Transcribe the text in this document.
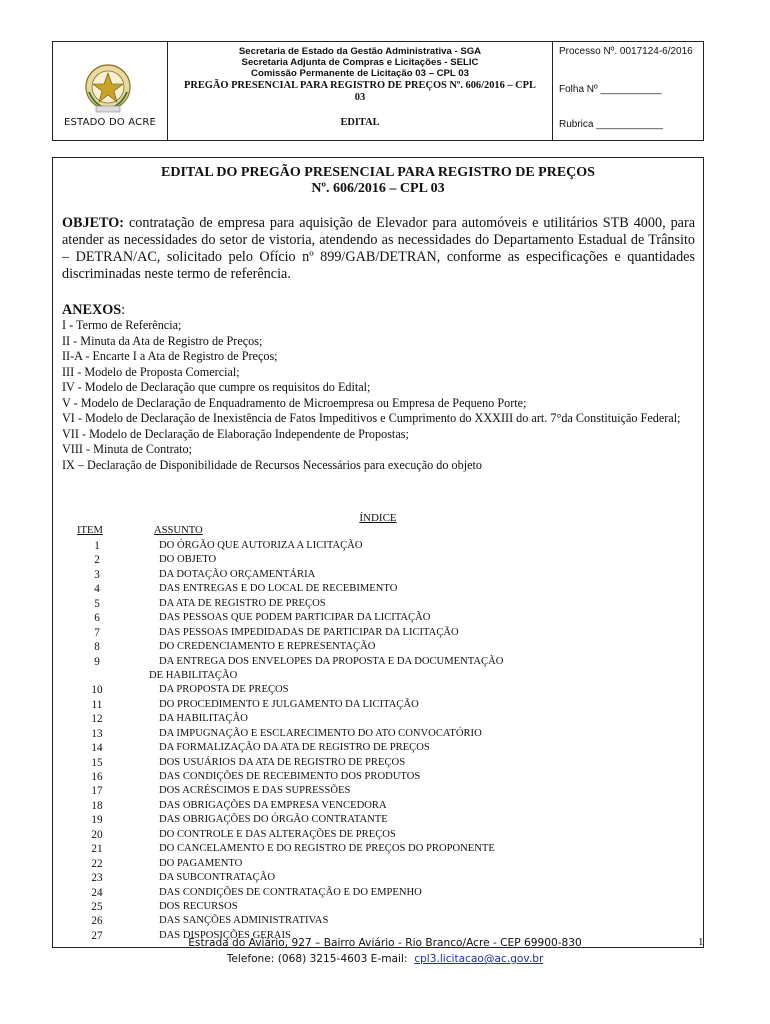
ESTADO DO ACRE
Secretaria de Estado da Gestão Administrativa - SGA
Secretaria Adjunta de Compras e Licitações - SELIC
Comissão Permanente de Licitação 03 – CPL 03
PREGÃO PRESENCIAL PARA REGISTRO DE PREÇOS Nº. 606/2016 – CPL 03
EDITAL
Processo Nº. 0017124-6/2016
Folha Nº ___________
Rubrica ____________
EDITAL DO PREGÃO PRESENCIAL PARA REGISTRO DE PREÇOS
Nº. 606/2016 – CPL 03
OBJETO: contratação de empresa para aquisição de Elevador para automóveis e utilitários STB 4000, para atender as necessidades do setor de vistoria, atendendo as necessidades do Departamento Estadual de Trânsito – DETRAN/AC, solicitado pelo Ofício nº 899/GAB/DETRAN, conforme as especificações e quantidades discriminadas neste termo de referência.
ANEXOS:
I - Termo de Referência;
II - Minuta da Ata de Registro de Preços;
II-A - Encarte I a Ata de Registro de Preços;
III - Modelo de Proposta Comercial;
IV - Modelo de Declaração que cumpre os requisitos do Edital;
V - Modelo de Declaração de Enquadramento de Microempresa ou Empresa de Pequeno Porte;
VI - Modelo de Declaração de Inexistência de Fatos Impeditivos e Cumprimento do XXXIII do art. 7°da Constituição Federal;
VII - Modelo de Declaração de Elaboração Independente de Propostas;
VIII - Minuta de Contrato;
IX – Declaração de Disponibilidade de Recursos Necessários para execução do objeto
ÍNDICE
ITEM	ASSUNTO
1	DO ÓRGÃO QUE AUTORIZA A LICITAÇÃO
2	DO OBJETO
3	DA DOTAÇÃO ORÇAMENTÁRIA
4	DAS ENTREGAS E DO LOCAL DE RECEBIMENTO
5	DA ATA DE REGISTRO DE PREÇOS
6	DAS PESSOAS QUE PODEM PARTICIPAR DA LICITAÇÃO
7	DAS PESSOAS IMPEDIDADAS DE PARTICIPAR DA LICITAÇÃO
8	DO CREDENCIAMENTO E REPRESENTAÇÃO
9	DA ENTREGA DOS ENVELOPES DA PROPOSTA E DA DOCUMENTAÇÃO
DE HABILITAÇÃO
10	DA PROPOSTA DE PREÇOS
11	DO PROCEDIMENTO E JULGAMENTO DA LICITAÇÃO
12	DA HABILITAÇÃO
13	DA IMPUGNAÇÃO E ESCLARECIMENTO DO ATO CONVOCATÓRIO
14	DA FORMALIZAÇÃO DA ATA DE REGISTRO DE PREÇOS
15	DOS USUÁRIOS DA ATA DE REGISTRO DE PREÇOS
16	DAS CONDIÇÕES DE RECEBIMENTO DOS PRODUTOS
17	DOS ACRÉSCIMOS E DAS SUPRESSÕES
18	DAS OBRIGAÇÕES DA EMPRESA VENCEDORA
19	DAS OBRIGAÇÕES DO ÓRGÃO CONTRATANTE
20	DO CONTROLE E DAS ALTERAÇÕES DE PREÇOS
21	DO CANCELAMENTO E DO REGISTRO DE PREÇOS DO PROPONENTE
22	DO PAGAMENTO
23	DA SUBCONTRATAÇÃO
24	DAS CONDIÇÕES DE CONTRATAÇÃO E DO EMPENHO
25	DOS RECURSOS
26	DAS SANÇÕES ADMINISTRATIVAS
27	DAS DISPOSIÇÕES GERAIS
Estrada do Aviário, 927 – Bairro Aviário - Rio Branco/Acre - CEP 69900-830
Telefone: (068) 3215-4603 E-mail: cpl3.licitacao@ac.gov.br
1
